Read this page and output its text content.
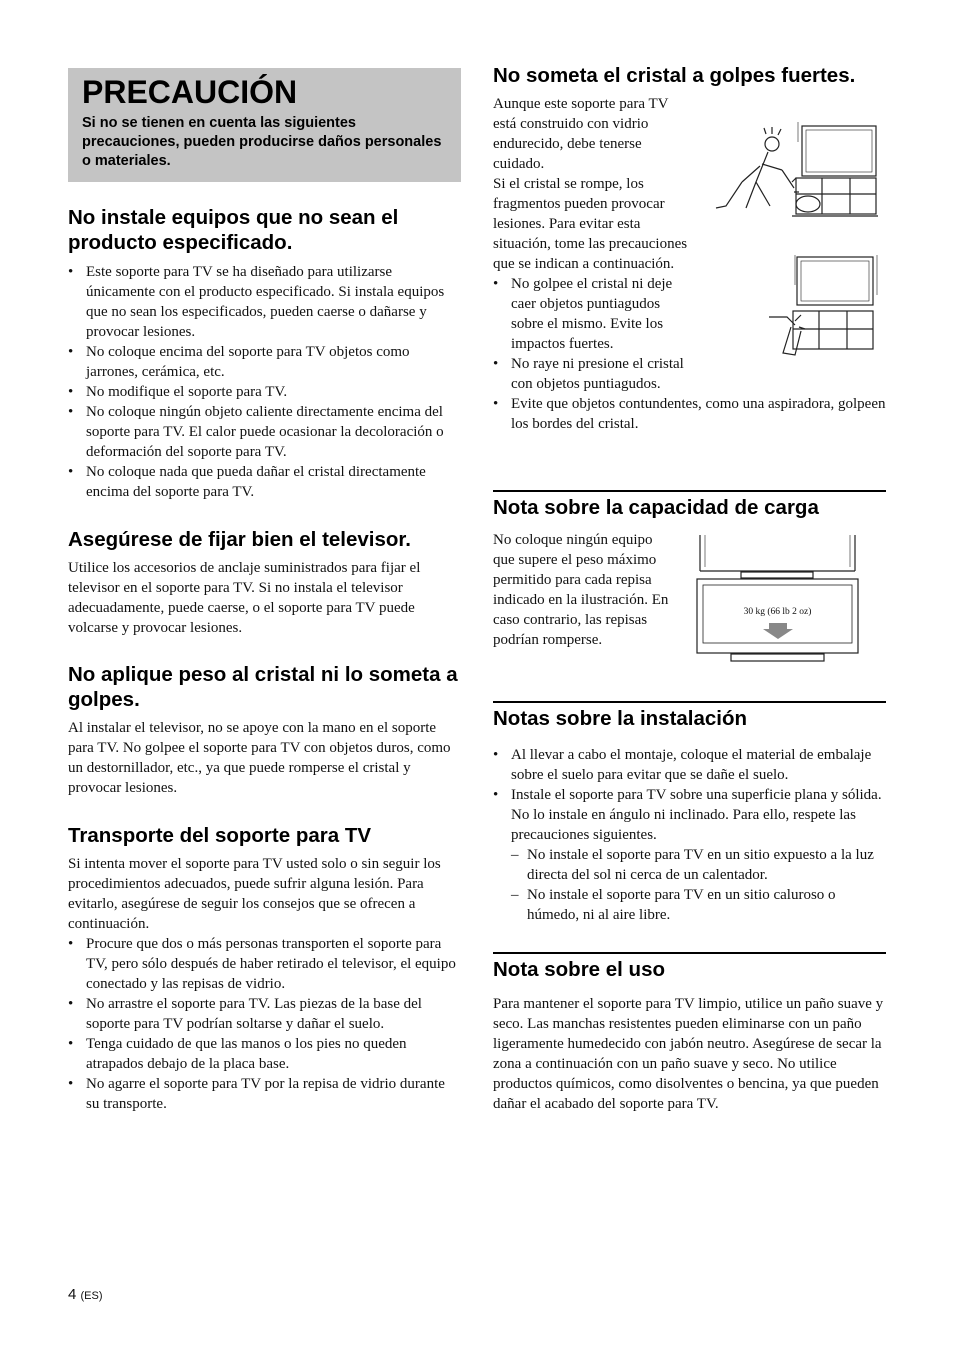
PRECAUCIÓN

Si no se tienen en cuenta las siguientes precauciones, pueden producirse daños personales o materiales.

No instale equipos que no sean el producto especificado.
• Este soporte para TV se ha diseñado para utilizarse únicamente con el producto especificado. Si instala equipos que no sean los especificados, pueden caerse o dañarse y provocar lesiones.
• No coloque encima del soporte para TV objetos como jarrones, cerámica, etc.
• No modifique el soporte para TV.
• No coloque ningún objeto caliente directamente encima del soporte para TV. El calor puede ocasionar la decoloración o deformación del soporte para TV.
• No coloque nada que pueda dañar el cristal directamente encima del soporte para TV.
Asegúrese de fijar bien el televisor.

Utilice los accesorios de anclaje suministrados para fijar el televisor en el soporte para TV. Si no instala el televisor adecuadamente, puede caerse, o el soporte para TV puede volcarse y provocar lesiones.

No aplique peso al cristal ni lo someta a golpes.

Al instalar el televisor, no se apoye con la mano en el soporte para TV. No golpee el soporte para TV con objetos duros, como un destornillador, etc., ya que puede romperse el cristal y provocar lesiones.

Transporte del soporte para TV

Si intenta mover el soporte para TV usted solo o sin seguir los procedimientos adecuados, puede sufrir alguna lesión. Para evitarlo, asegúrese de seguir los consejos que se ofrecen a continuación.

• Procure que dos o más personas transporten el soporte para TV, pero sólo después de haber retirado el televisor, el equipo conectado y las repisas de vidrio.
• No arrastre el soporte para TV. Las piezas de la base del soporte para TV podrían soltarse y dañar el suelo.
• Tenga cuidado de que las manos o los pies no queden atrapados debajo de la placa base.
• No agarre el soporte para TV por la repisa de vidrio durante su transporte.
No someta el cristal a golpes fuertes.
Aunque este soporte para TV
está construido con vidrio
endurecido, debe tenerse
cuidado.
Si el cristal se rompe, los
fragmentos pueden provocar
lesiones. Para evitar esta
situación, tome las precauciones
que se indican a continuación.
• No golpee el cristal ni deje caer objetos puntiagudos sobre el mismo. Evite los impactos fuertes.
• No raye ni presione el cristal con objetos puntiagudos.
• Evite que objetos contundentes, como una aspiradora, golpeen los bordes del cristal.
Nota sobre la capacidad de carga

No coloque ningún equipo que supere el peso máximo permitido para cada repisa indicado en la ilustración. En caso contrario, las repisas podrían romperse.

30 kg (66 lb 2 oz)
Notas sobre la instalación
• Al llevar a cabo el montaje, coloque el material de embalaje sobre el suelo para evitar que se dañe el suelo.
• Instale el soporte para TV sobre una superficie plana y sólida. No lo instale en ángulo ni inclinado. Para ello, respete las precauciones siguientes.
– No instale el soporte para TV en un sitio expuesto a la luz directa del sol ni cerca de un calentador.
– No instale el soporte para TV en un sitio caluroso o húmedo, ni al aire libre.
Nota sobre el uso

Para mantener el soporte para TV limpio, utilice un paño suave y seco. Las manchas resistentes pueden eliminarse con un paño ligeramente humedecido con jabón neutro. Asegúrese de secar la zona a continuación con un paño suave y seco. No utilice productos químicos, como disolventes o bencina, ya que pueden dañar el acabado del soporte para TV.

4 (ES)
